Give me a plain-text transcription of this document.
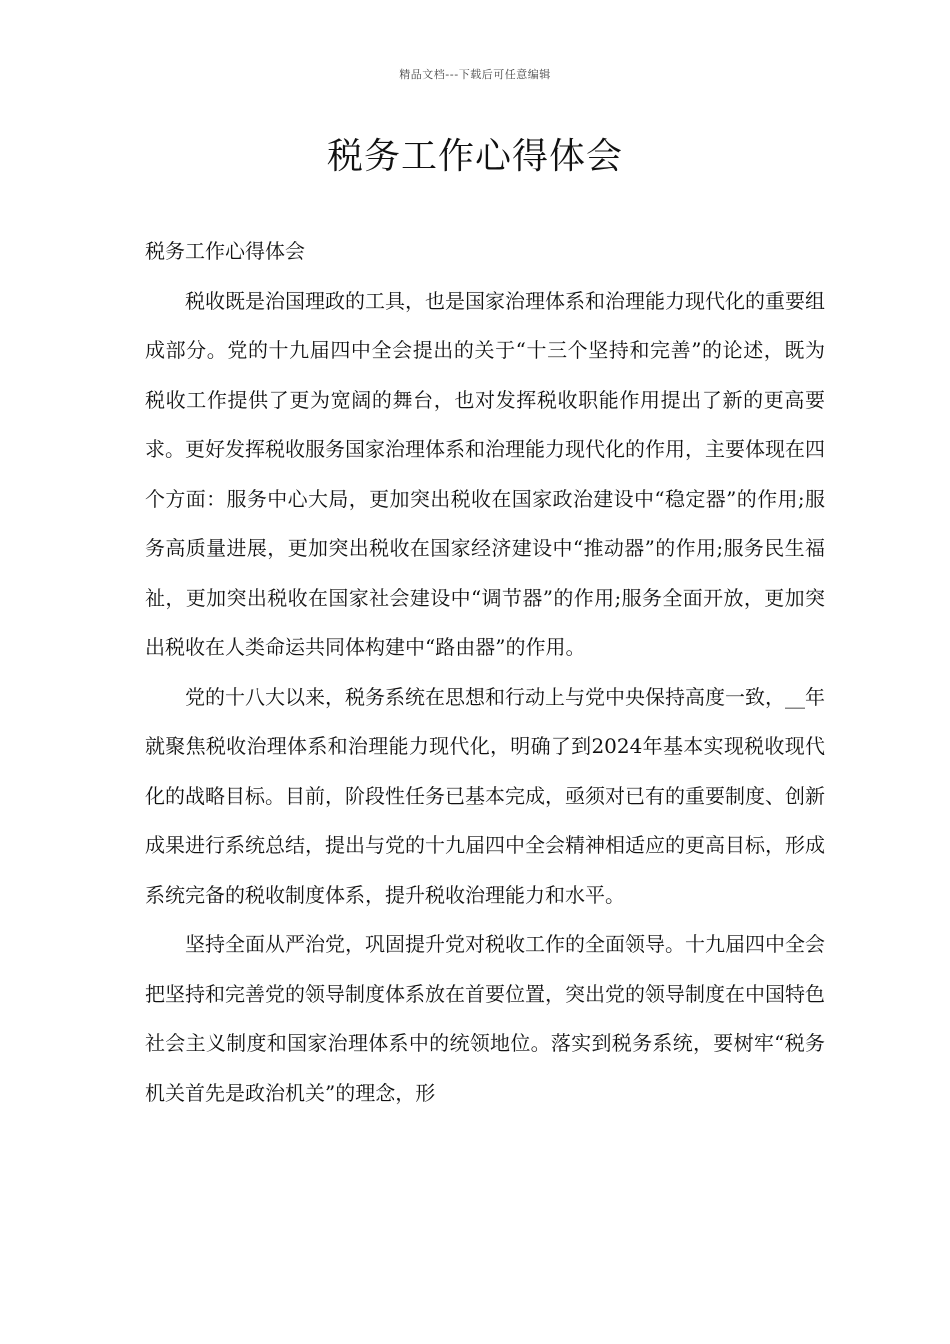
精品文档---下载后可任意编辑
税务工作心得体会

税务工作心得体会

税收既是治国理政的工具，也是国家治理体系和治理能力现代化的重要组成部分。党的十九届四中全会提出的关于“十三个坚持和完善”的论述，既为税收工作提供了更为宽阔的舞台，也对发挥税收职能作用提出了新的更高要求。更好发挥税收服务国家治理体系和治理能力现代化的作用，主要体现在四个方面：服务中心大局，更加突出税收在国家政治建设中“稳定器”的作用;服务高质量进展，更加突出税收在国家经济建设中“推动器”的作用;服务民生福祉，更加突出税收在国家社会建设中“调节器”的作用;服务全面开放，更加突出税收在人类命运共同体构建中“路由器”的作用。

党的十八大以来，税务系统在思想和行动上与党中央保持高度一致，__年就聚焦税收治理体系和治理能力现代化，明确了到2024年基本实现税收现代化的战略目标。目前，阶段性任务已基本完成，亟须对已有的重要制度、创新成果进行系统总结，提出与党的十九届四中全会精神相适应的更高目标，形成系统完备的税收制度体系，提升税收治理能力和水平。

坚持全面从严治党，巩固提升党对税收工作的全面领导。十九届四中全会把坚持和完善党的领导制度体系放在首要位置，突出党的领导制度在中国特色社会主义制度和国家治理体系中的统领地位。落实到税务系统，要树牢“税务机关首先是政治机关”的理念，形
